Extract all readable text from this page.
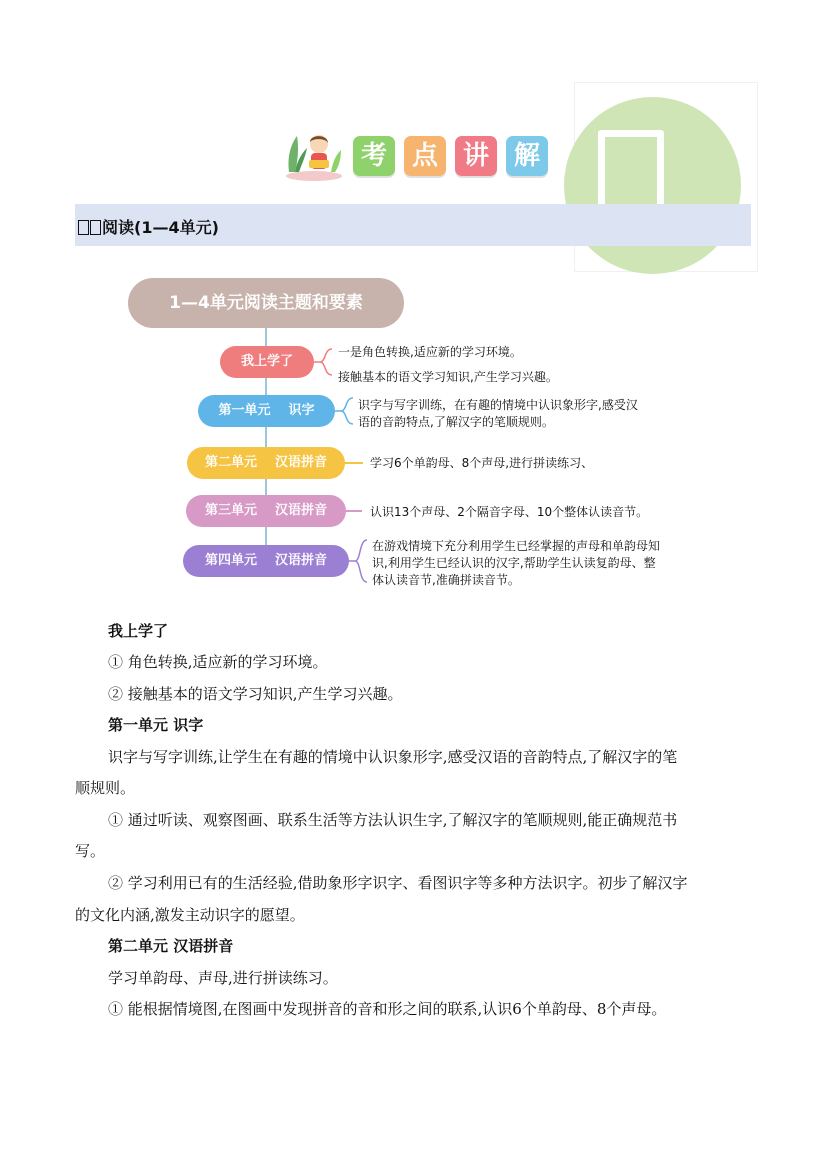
考 点 讲 解
阅读(1—4单元)
1—4单元阅读主题和要素
我上学了
一是角色转换,适应新的学习环境。
接触基本的语文学习知识,产生学习兴趣。
第一单元    识字	识字与写字训练，在有趣的情境中认识象形字,感受汉
语的音韵特点,了解汉字的笔顺规则。
第二单元    汉语拼音	学习6个单韵母、8个声母,进行拼读练习、
第三单元    汉语拼音	认识13个声母、2个隔音字母、10个整体认读音节。
第四单元    汉语拼音
在游戏情境下充分利用学生已经掌握的声母和单韵母知
识,利用学生已经认识的汉字,帮助学生认读复韵母、整
体认读音节,准确拼读音节。
我上学了
① 角色转换,适应新的学习环境。
② 接触基本的语文学习知识,产生学习兴趣。
第一单元 识字
识字与写字训练,让学生在有趣的情境中认识象形字,感受汉语的音韵特点,了解汉字的笔
顺规则。
① 通过听读、观察图画、联系生活等方法认识生字,了解汉字的笔顺规则,能正确规范书
写。
② 学习利用已有的生活经验,借助象形字识字、看图识字等多种方法识字。初步了解汉字
的文化内涵,激发主动识字的愿望。
第二单元 汉语拼音
学习单韵母、声母,进行拼读练习。
① 能根据情境图,在图画中发现拼音的音和形之间的联系,认识6个单韵母、8个声母。
